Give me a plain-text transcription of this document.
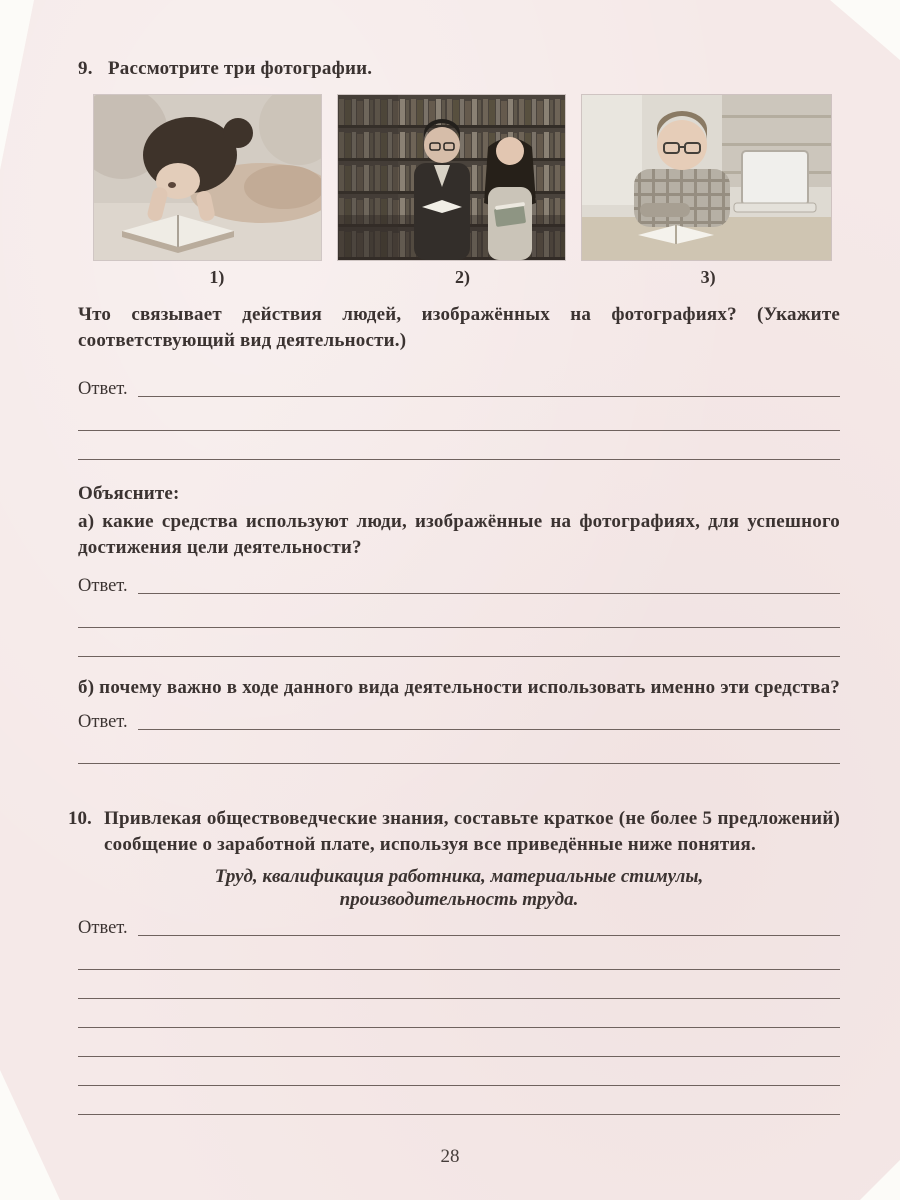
9. Рассмотрите три фотографии.
1)	2)	3)

Что связывает действия людей, изображённых на фотографиях? (Укажите соответствующий вид деятельности.)

Ответ.
Объясните:

а) какие средства используют люди, изображённые на фотографиях, для успешного достижения цели деятельности?

Ответ.

б) почему важно в ходе данного вида деятельности использовать именно эти средства?

Ответ.
10. Привлекая обществоведческие знания, составьте краткое (не более 5 предложений) сообщение о заработной плате, используя все приведённые ниже понятия.

Труд, квалификация работника, материальные стимулы,
производительность труда.
Ответ.
28
